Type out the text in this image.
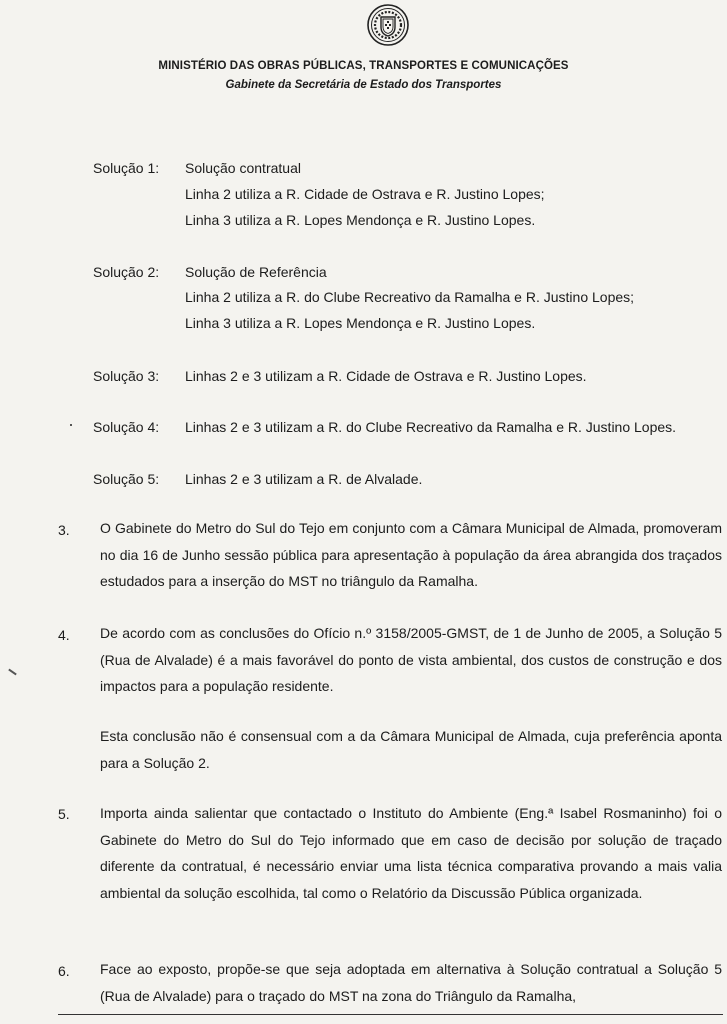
MINISTÉRIO DAS OBRAS PÚBLICAS, TRANSPORTES E COMUNICAÇÕES
Gabinete da Secretária de Estado dos Transportes
Solução 1: Solução contratual
Linha 2 utiliza a R. Cidade de Ostrava e R. Justino Lopes;
Linha 3 utiliza a R. Lopes Mendonça e R. Justino Lopes.
Solução 2: Solução de Referência
Linha 2 utiliza a R. do Clube Recreativo da Ramalha e R. Justino Lopes;
Linha 3 utiliza a R. Lopes Mendonça e R. Justino Lopes.
Solução 3: Linhas 2 e 3 utilizam a R. Cidade de Ostrava e R. Justino Lopes.
Solução 4: Linhas 2 e 3 utilizam a R. do Clube Recreativo da Ramalha e R. Justino Lopes.
Solução 5: Linhas 2 e 3 utilizam a R. de Alvalade.
3. O Gabinete do Metro do Sul do Tejo em conjunto com a Câmara Municipal de Almada, promoveram no dia 16 de Junho sessão pública para apresentação à população da área abrangida dos traçados estudados para a inserção do MST no triângulo da Ramalha.
4. De acordo com as conclusões do Ofício n.º 3158/2005-GMST, de 1 de Junho de 2005, a Solução 5 (Rua de Alvalade) é a mais favorável do ponto de vista ambiental, dos custos de construção e dos impactos para a população residente.
Esta conclusão não é consensual com a da Câmara Municipal de Almada, cuja preferência aponta para a Solução 2.
5. Importa ainda salientar que contactado o Instituto do Ambiente (Eng.ª Isabel Rosmaninho) foi o Gabinete do Metro do Sul do Tejo informado que em caso de decisão por solução de traçado diferente da contratual, é necessário enviar uma lista técnica comparativa provando a mais valia ambiental da solução escolhida, tal como o Relatório da Discussão Pública organizada.
6. Face ao exposto, propõe-se que seja adoptada em alternativa à Solução contratual a Solução 5 (Rua de Alvalade) para o traçado do MST na zona do Triângulo da Ramalha,
